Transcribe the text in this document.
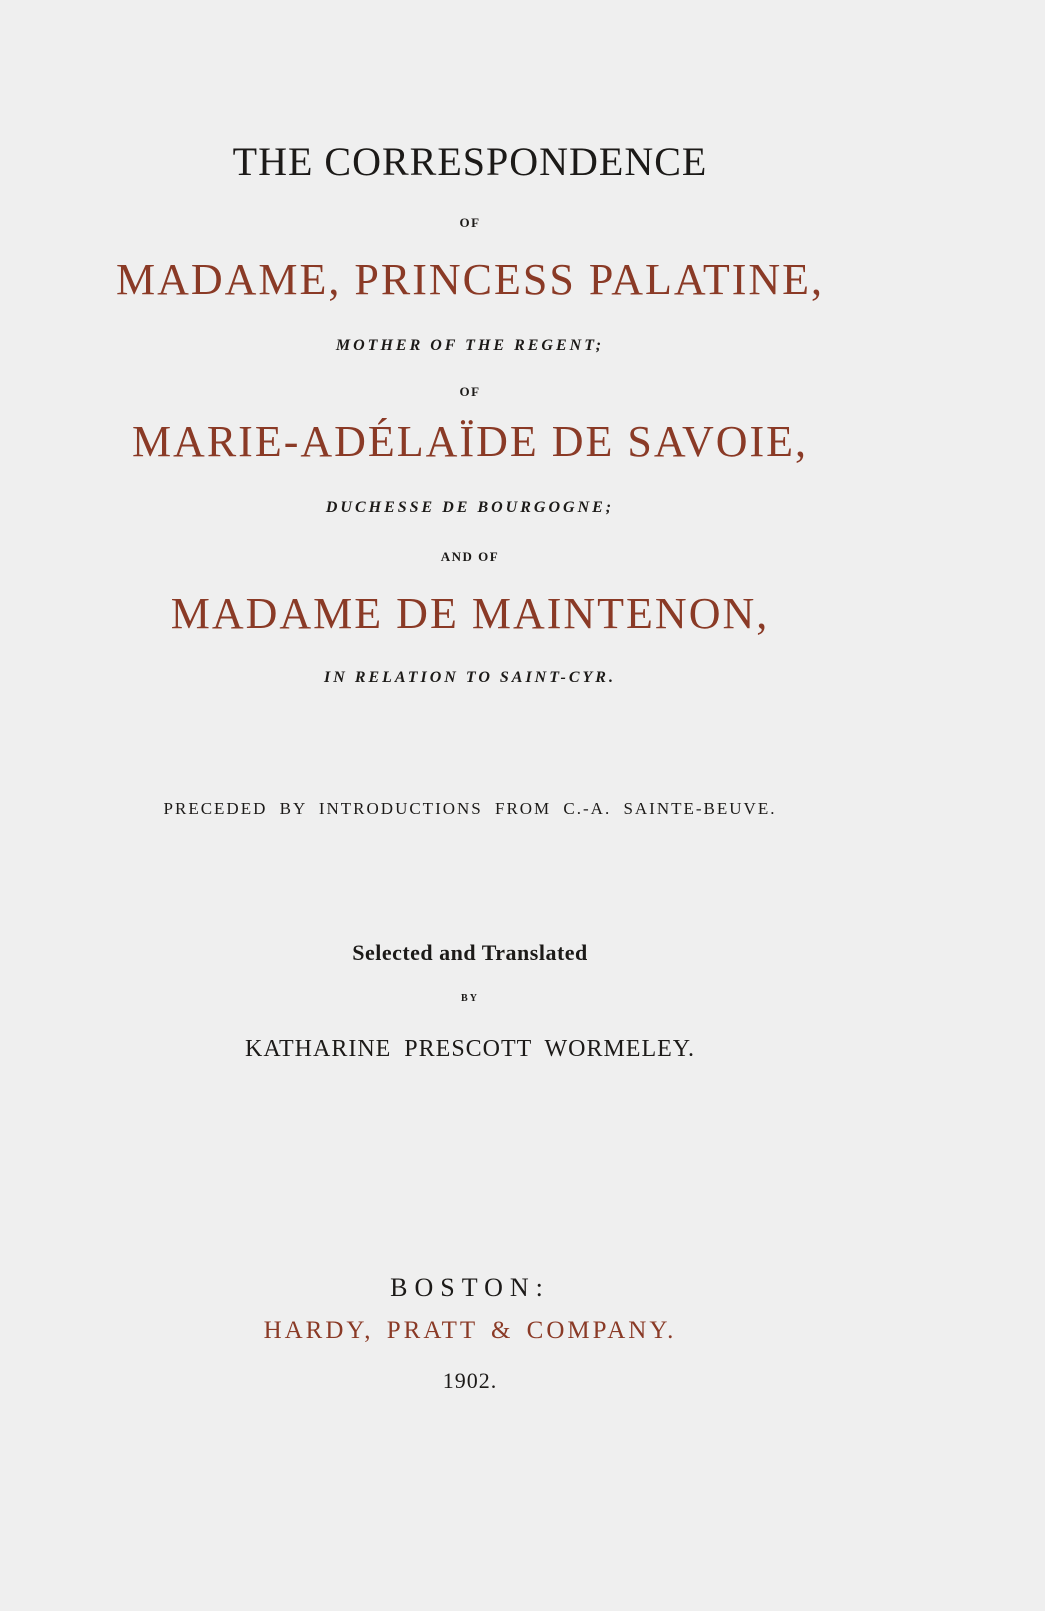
THE CORRESPONDENCE
OF
MADAME, PRINCESS PALATINE,
MOTHER OF THE REGENT;
OF
MARIE-ADÉLAÏDE DE SAVOIE,
DUCHESSE DE BOURGOGNE;
AND OF
MADAME DE MAINTENON,
IN RELATION TO SAINT-CYR.
PRECEDED BY INTRODUCTIONS FROM C.-A. SAINTE-BEUVE.
Selected and Translated
BY
KATHARINE PRESCOTT WORMELEY.
BOSTON:
HARDY, PRATT & COMPANY.
1902.
